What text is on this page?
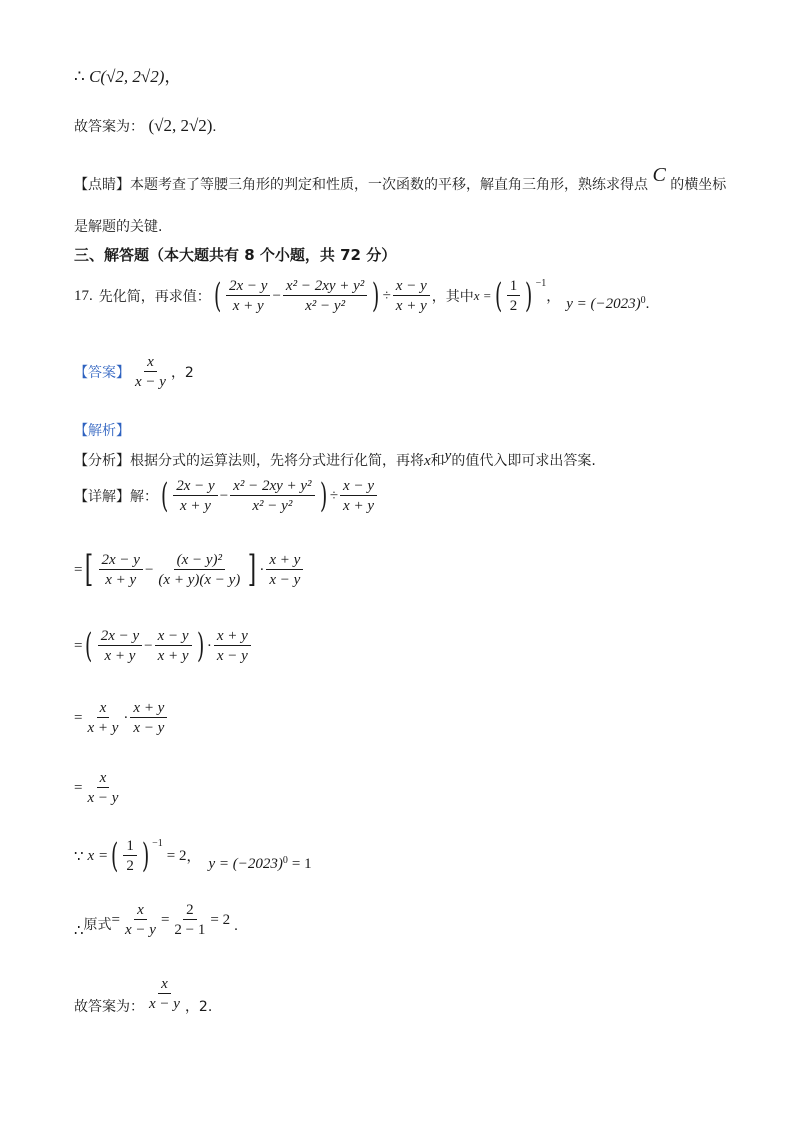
∴ C(√2, 2√2)，
故答案为： (√2, 2√2).
【点睛】本题考查了等腰三角形的判定和性质，一次函数的平移，解直角三角形，熟练求得点 C 的横坐标
是解题的关键.
三、解答题（本大题共有 8 个小题，共 72 分）
17. 先化简，再求值： ( $\frac{2x - y}{x + y} - \frac{\text{x² − 2xy + y²}}{\text{x² − y²}}$ ) ÷ $\frac{x - y}{x + y}$ ，其中 x = ( $\frac{1}{2}$ ) −1
， y = (−2023) 0 .
【答案】 $\frac{x}{x - y}$ ，2
【解析】
【分析】根据分式的运算法则，先将分式进行化简，再将x和y的值代入即可求出答案.
【详解】 解： ( $\frac{2x - y}{x + y} - \frac{\text{x² − 2xy + y²}}{\text{x² − y²}}$ ) ÷ $\frac{x - y}{x + y}$
= [ $\frac{2x - y}{x + y} - \frac{\text{(x − y)²}}{(x + y)(x - y)}$ ] · $\frac{x + y}{x - y}$
= ( $\frac{2x - y}{x + y} - \frac{x - y}{x + y}$ ) · $\frac{x + y}{x - y}$
= $\frac{x}{x + y} \cdot \frac{x + y}{x - y}$
= $\frac{x}{x - y}$
∵ x = ( $\frac{1}{2}$ ) −1
= 2 ， y = (−2023) 0 = 1
∴ 原式 = $\frac{x}{x - y} = \frac{2}{2 - 1} = 2$ .
故答案为： $\frac{x}{x - y}$ ，2.
